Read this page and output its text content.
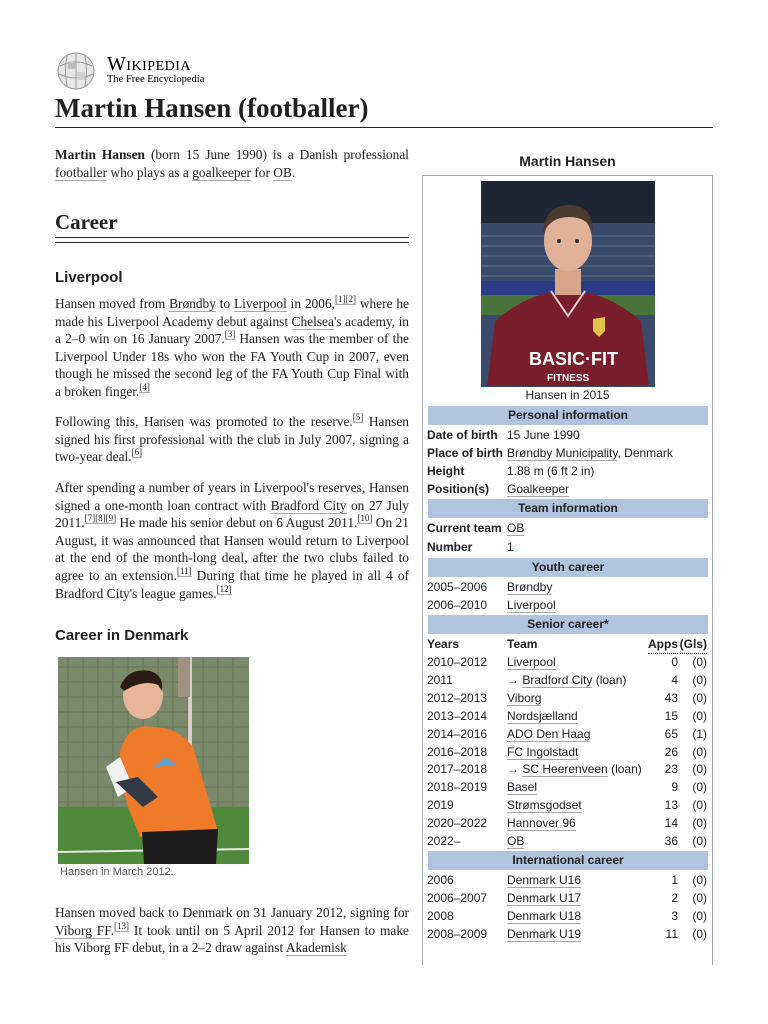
Wikipedia
The Free Encyclopedia
Martin Hansen (footballer)

Martin Hansen (born 15 June 1990) is a Danish professional footballer who plays as a goalkeeper for OB.

Career
Liverpool

Hansen moved from Brøndby to Liverpool in 2006,[1][2] where he made his Liverpool Academy debut against Chelsea's academy, in a 2–0 win on 16 January 2007.[3] Hansen was the member of the Liverpool Under 18s who won the FA Youth Cup in 2007, even though he missed the second leg of the FA Youth Cup Final with a broken finger.[4]

Following this, Hansen was promoted to the reserve.[5] Hansen signed his first professional with the club in July 2007, signing a two-year deal.[6]

After spending a number of years in Liverpool's reserves, Hansen signed a one-month loan contract with Bradford City on 27 July 2011.[7][8][9] He made his senior debut on 6 August 2011.[10] On 21 August, it was announced that Hansen would return to Liverpool at the end of the month-long deal, after the two clubs failed to agree to an extension.[11] During that time he played in all 4 of Bradford City's league games.[12]

Career in Denmark
Hansen in March 2012.

Hansen moved back to Denmark on 31 January 2012, signing for Viborg FF.[13] It took until on 5 April 2012 for Hansen to make his Viborg FF debut, in a 2–2 draw against Akademisk

Martin Hansen
BASIC·FIT
FITNESS
Hansen in 2015
Personal information
Date of birth 15 June 1990
Place of birth Brøndby Municipality, Denmark
Height	1.88 m (6 ft 2 in)
Position(s) Goalkeeper
Team information
Current team OB
Number	1
Youth career
2005–2006 Brøndby
2006–2010 Liverpool
Senior career*
Years	Team	Apps (Gls)
2010–2012 Liverpool	0 (0)
2011	→ Bradford City (loan)	4 (0)
2012–2013 Viborg	43 (0)
2013–2014 Nordsjælland	15 (0)
2014–2016 ADO Den Haag	65 (1)
2016–2018 FC Ingolstadt	26 (0)
2017–2018 → SC Heerenveen (loan) 23 (0)
2018–2019 Basel	9 (0)
2019	Strømsgodset	13 (0)
2020–2022 Hannover 96	14 (0)
2022–	OB	36 (0)
International career
2006	Denmark U16	1 (0)
2006–2007 Denmark U17	2 (0)
2008	Denmark U18	3 (0)
2008–2009 Denmark U19	11 (0)
